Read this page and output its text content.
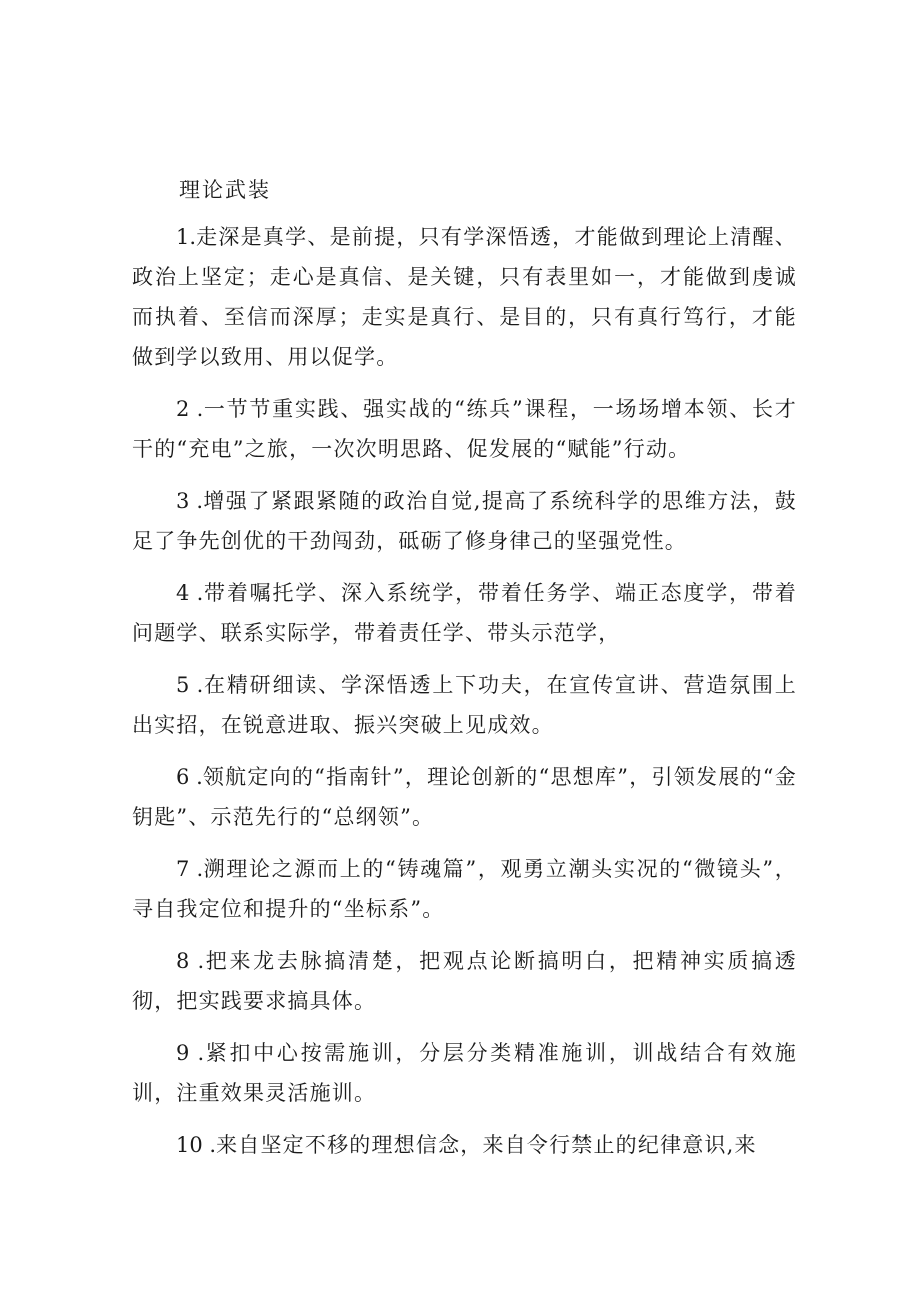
理论武装

1.走深是真学、是前提，只有学深悟透，才能做到理论上清醒、政治上坚定；走心是真信、是关键，只有表里如一，才能做到虔诚而执着、至信而深厚；走实是真行、是目的，只有真行笃行，才能做到学以致用、用以促学。

2 .一节节重实践、强实战的“练兵”课程，一场场增本领、长才干的“充电”之旅，一次次明思路、促发展的“赋能”行动。

3 .增强了紧跟紧随的政治自觉,提高了系统科学的思维方法，鼓足了争先创优的干劲闯劲，砥砺了修身律己的坚强党性。

4 .带着嘱托学、深入系统学，带着任务学、端正态度学，带着问题学、联系实际学，带着责任学、带头示范学，

5 .在精研细读、学深悟透上下功夫，在宣传宣讲、营造氛围上出实招，在锐意进取、振兴突破上见成效。

6 .领航定向的“指南针”，理论创新的“思想库”，引领发展的“金钥匙”、示范先行的“总纲领”。

7 .溯理论之源而上的“铸魂篇”，观勇立潮头实况的“微镜头”，寻自我定位和提升的“坐标系”。

8 .把来龙去脉搞清楚，把观点论断搞明白，把精神实质搞透彻，把实践要求搞具体。

9 .紧扣中心按需施训，分层分类精准施训，训战结合有效施训，注重效果灵活施训。

10 .来自坚定不移的理想信念，来自令行禁止的纪律意识,来
